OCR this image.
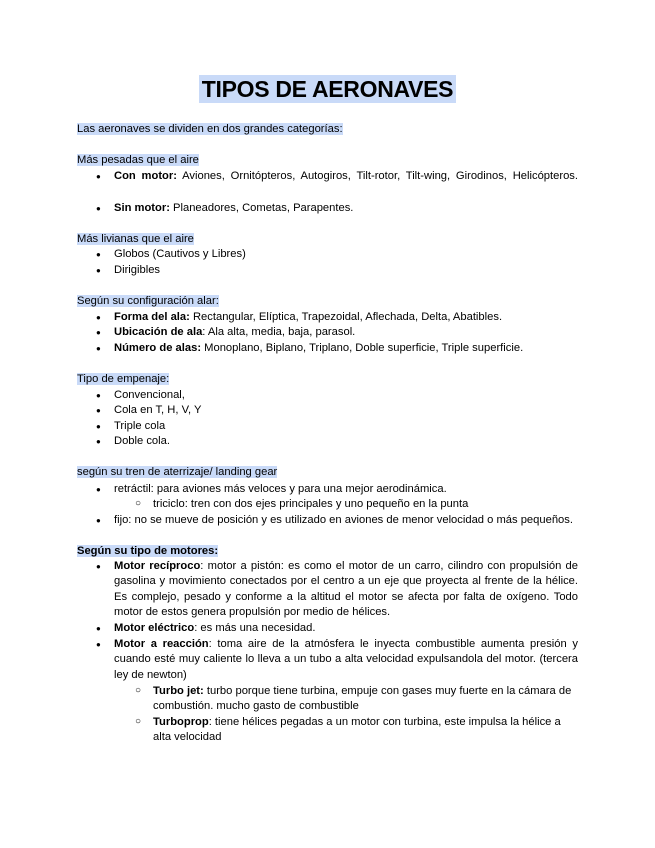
TIPOS DE AERONAVES
Las aeronaves se dividen en dos grandes categorías:
Más pesadas que el aire
● Con motor: Aviones, Ornitópteros, Autogiros, Tilt-rotor, Tilt-wing, Girodinos, Helicópteros.
● Sin motor: Planeadores, Cometas, Parapentes.
Más livianas que el aire
● Globos (Cautivos y Libres)
● Dirigibles
Según su configuración alar:
● Forma del ala: Rectangular, Elíptica, Trapezoidal, Aflechada, Delta, Abatibles.
● Ubicación de ala: Ala alta, media, baja, parasol.
● Número de alas: Monoplano, Biplano, Triplano, Doble superficie, Triple superficie.
Tipo de empenaje:
● Convencional,
● Cola en T, H, V, Y
● Triple cola
● Doble cola.
según su tren de aterrizaje/ landing gear
● retráctil: para aviones más veloces y para una mejor aerodinámica.
○ triciclo: tren con dos ejes principales y uno pequeño en la punta
● fijo: no se mueve de posición y es utilizado en aviones de menor velocidad o más pequeños.
Según su tipo de motores:
● Motor recíproco: motor a pistón: es como el motor de un carro, cilindro con propulsión de gasolina y movimiento conectados por el centro a un eje que proyecta al frente de la hélice. Es complejo, pesado y conforme a la altitud el motor se afecta por falta de oxígeno. Todo motor de estos genera propulsión por medio de hélices.
● Motor eléctrico: es más una necesidad.
● Motor a reacción: toma aire de la atmósfera le inyecta combustible aumenta presión y cuando esté muy caliente lo lleva a un tubo a alta velocidad expulsandola del motor. (tercera ley de newton)
○ Turbo jet: turbo porque tiene turbina, empuje con gases muy fuerte en la cámara de combustión. mucho gasto de combustible
○ Turboprop: tiene hélices pegadas a un motor con turbina, este impulsa la hélice a alta velocidad
